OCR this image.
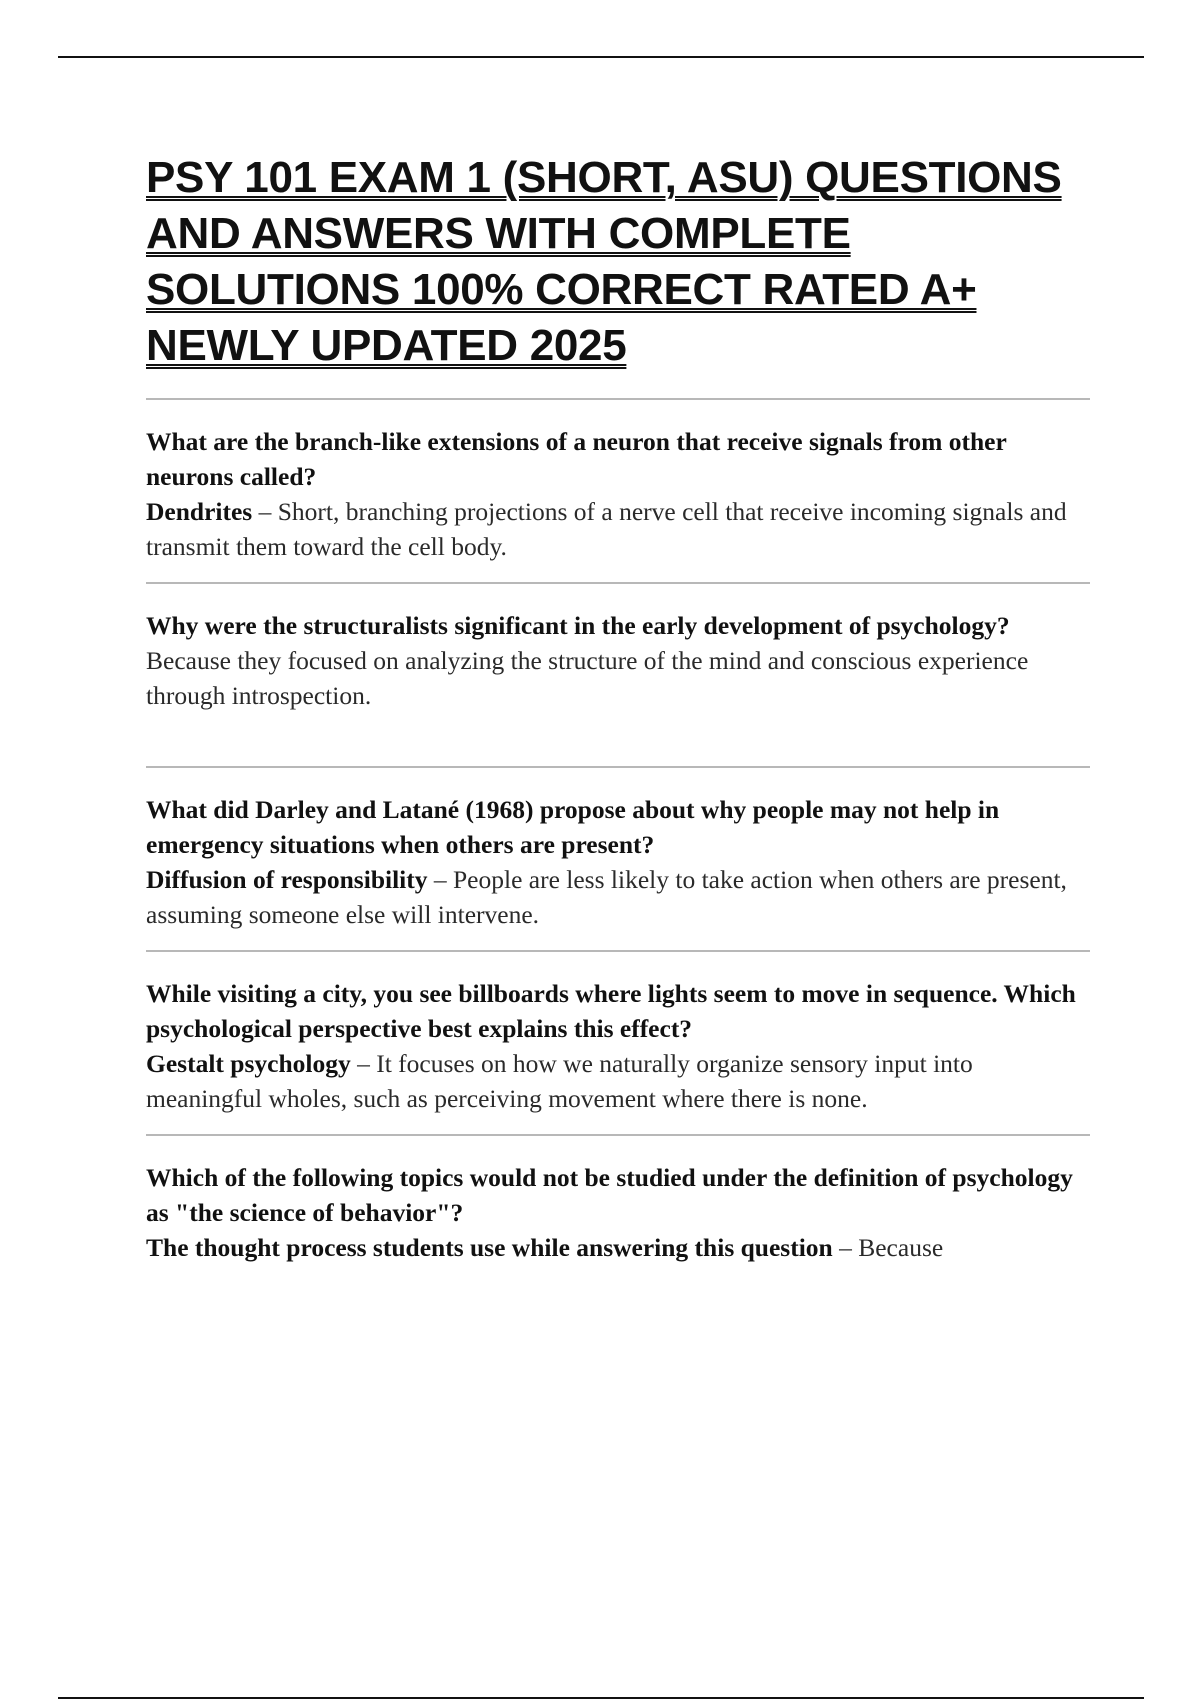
PSY 101 EXAM 1 (SHORT, ASU) QUESTIONS AND ANSWERS WITH COMPLETE SOLUTIONS 100% CORRECT RATED A+ NEWLY UPDATED 2025

What are the branch-like extensions of a neuron that receive signals from other neurons called?

Dendrites – Short, branching projections of a nerve cell that receive incoming signals and transmit them toward the cell body.

Why were the structuralists significant in the early development of psychology?

Because they focused on analyzing the structure of the mind and conscious experience through introspection.

What did Darley and Latané (1968) propose about why people may not help in emergency situations when others are present?

Diffusion of responsibility – People are less likely to take action when others are present, assuming someone else will intervene.

While visiting a city, you see billboards where lights seem to move in sequence. Which psychological perspective best explains this effect?

Gestalt psychology – It focuses on how we naturally organize sensory input into meaningful wholes, such as perceiving movement where there is none.

Which of the following topics would not be studied under the definition of psychology as "the science of behavior"?

The thought process students use while answering this question – Because
